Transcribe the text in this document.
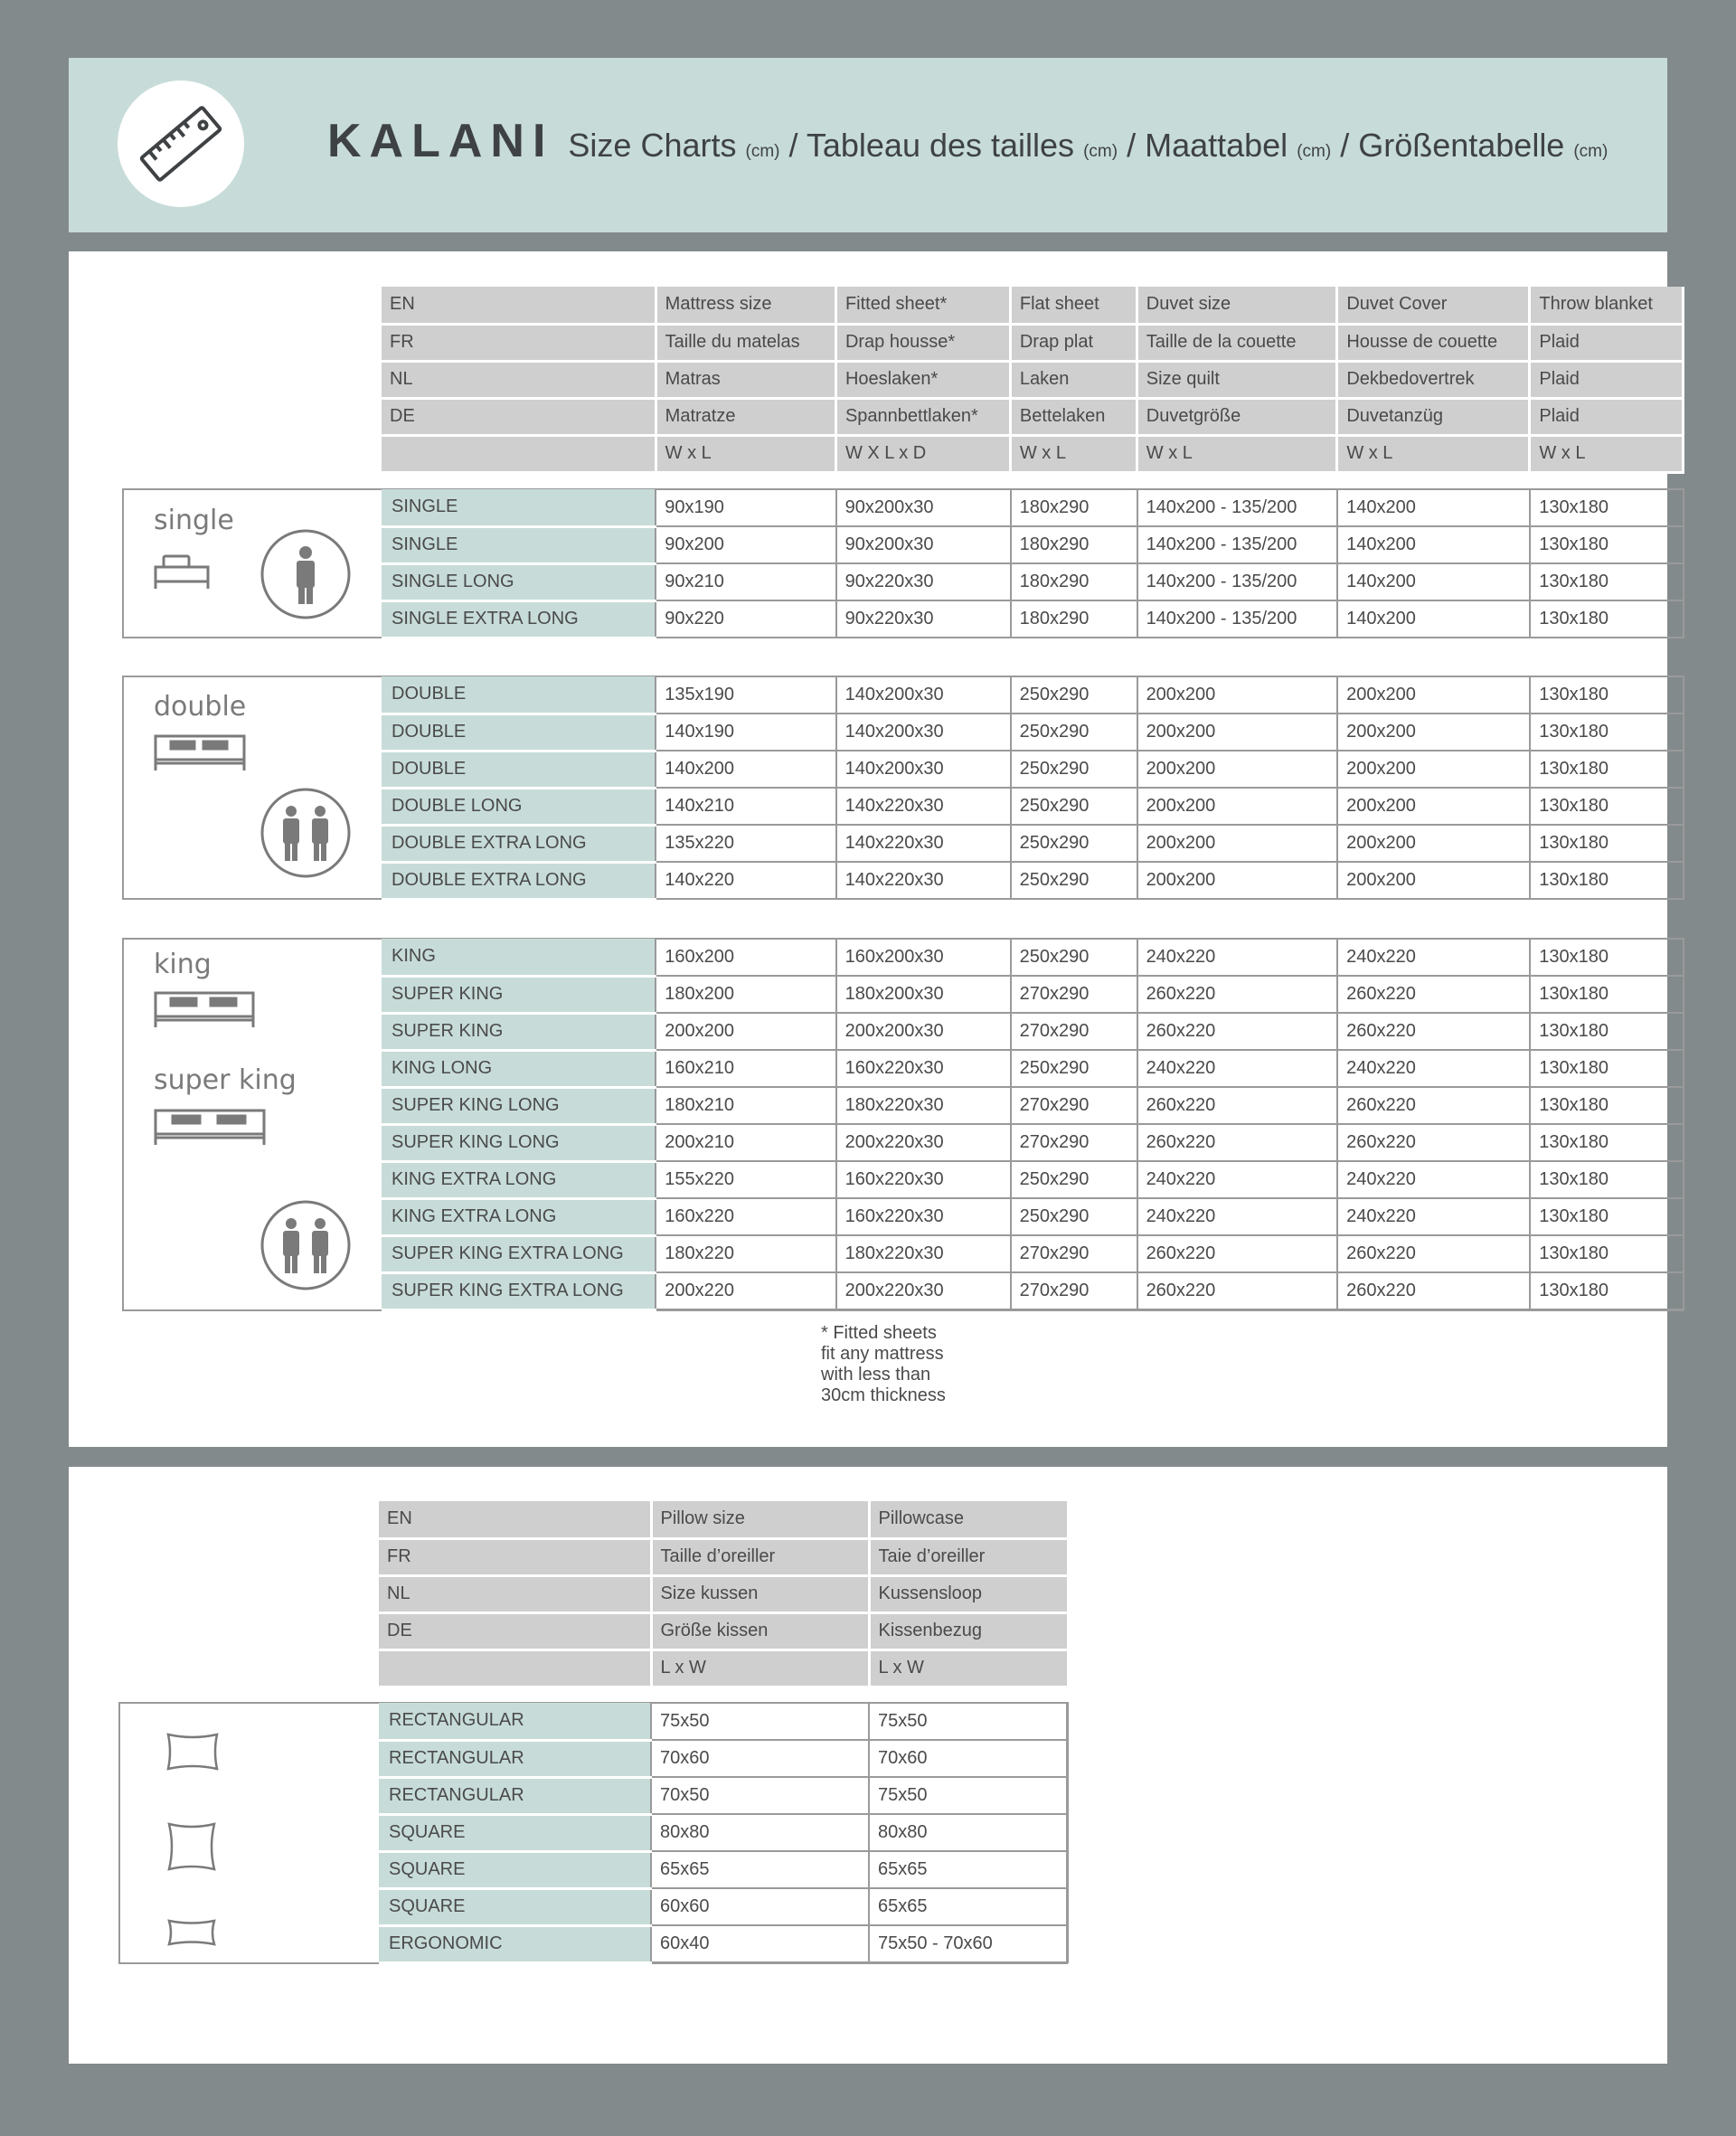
KALANI Size Charts (cm) / Tableau des tailles (cm) / Maattabel (cm) / Größentabelle (cm)
EN	Mattress size	Fitted sheet*	Flat sheet	Duvet size	Duvet Cover	Throw blanket
FR	Taille du matelas	Drap housse*	Drap plat	Taille de la couette	Housse de couette	Plaid
NL	Matras	Hoeslaken*	Laken	Size quilt	Dekbedovertrek	Plaid
DE	Matratze	Spannbettlaken*	Bettelaken	Duvetgröße	Duvetanzüg	Plaid
	W x L	W X L x D	W x L	W x L	W x L	W x L
single	SINGLE	90x190	90x200x30	180x290	140x200 - 135/200	140x200	130x180
SINGLE	90x200	90x200x30	180x290	140x200 - 135/200	140x200	130x180
SINGLE LONG	90x210	90x220x30	180x290	140x200 - 135/200	140x200	130x180
SINGLE EXTRA LONG	90x220	90x220x30	180x290	140x200 - 135/200	140x200	130x180
double	DOUBLE	135x190	140x200x30	250x290	200x200	200x200	130x180
DOUBLE	140x190	140x200x30	250x290	200x200	200x200	130x180
DOUBLE	140x200	140x200x30	250x290	200x200	200x200	130x180
DOUBLE LONG	140x210	140x220x30	250x290	200x200	200x200	130x180
DOUBLE EXTRA LONG	135x220	140x220x30	250x290	200x200	200x200	130x180
DOUBLE EXTRA LONG	140x220	140x220x30	250x290	200x200	200x200	130x180
king
super king
KING	160x200	160x200x30	250x290	240x220	240x220	130x180
SUPER KING	180x200	180x200x30	270x290	260x220	260x220	130x180
SUPER KING	200x200	200x200x30	270x290	260x220	260x220	130x180
KING LONG	160x210	160x220x30	250x290	240x220	240x220	130x180
SUPER KING LONG	180x210	180x220x30	270x290	260x220	260x220	130x180
SUPER KING LONG	200x210	200x220x30	270x290	260x220	260x220	130x180
KING EXTRA LONG	155x220	160x220x30	250x290	240x220	240x220	130x180
KING EXTRA LONG	160x220	160x220x30	250x290	240x220	240x220	130x180
SUPER KING EXTRA LONG	180x220	180x220x30	270x290	260x220	260x220	130x180
SUPER KING EXTRA LONG	200x220	200x220x30	270x290	260x220	260x220	130x180
* Fitted sheets
fit any mattress
with less than
30cm thickness
EN	Pillow size	Pillowcase
FR	Taille d’oreiller	Taie d’oreiller
NL	Size kussen	Kussensloop
DE	Größe kissen	Kissenbezug
	L x W	L x W
RECTANGULAR	75x50	75x50
RECTANGULAR	70x60	70x60
RECTANGULAR	70x50	75x50
SQUARE	80x80	80x80
SQUARE	65x65	65x65
SQUARE	60x60	65x65
ERGONOMIC	60x40	75x50 - 70x60
